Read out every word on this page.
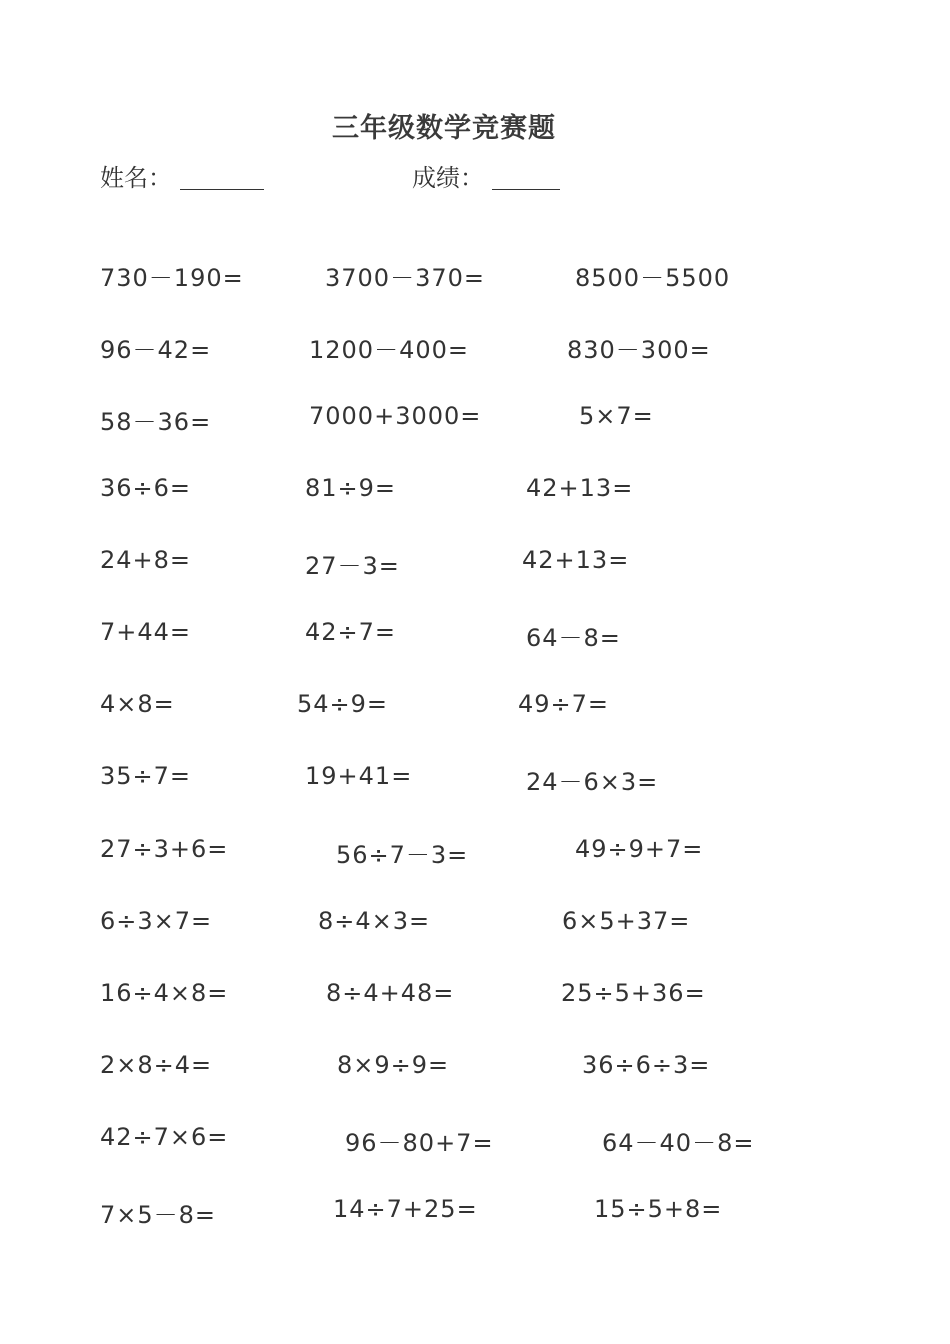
三年级数学竞赛题
姓名：	成绩：
730－190=	3700－370=	8500－5500
96－42=	1200－400=	830－300=
58－36=	7000+3000=	5×7=
36÷6=	81÷9=	42+13=
24+8=	27－3=	42+13=
7+44=	42÷7=	64－8=
4×8=	54÷9=	49÷7=
35÷7=	19+41=	24－6×3=
27÷3+6=	56÷7－3=	49÷9+7=
6÷3×7=	8÷4×3=	6×5+37=
16÷4×8=	8÷4+48=	25÷5+36=
2×8÷4=	8×9÷9=	36÷6÷3=
42÷7×6=	96－80+7=	64－40－8=
7×5－8=	14÷7+25=	15÷5+8=
